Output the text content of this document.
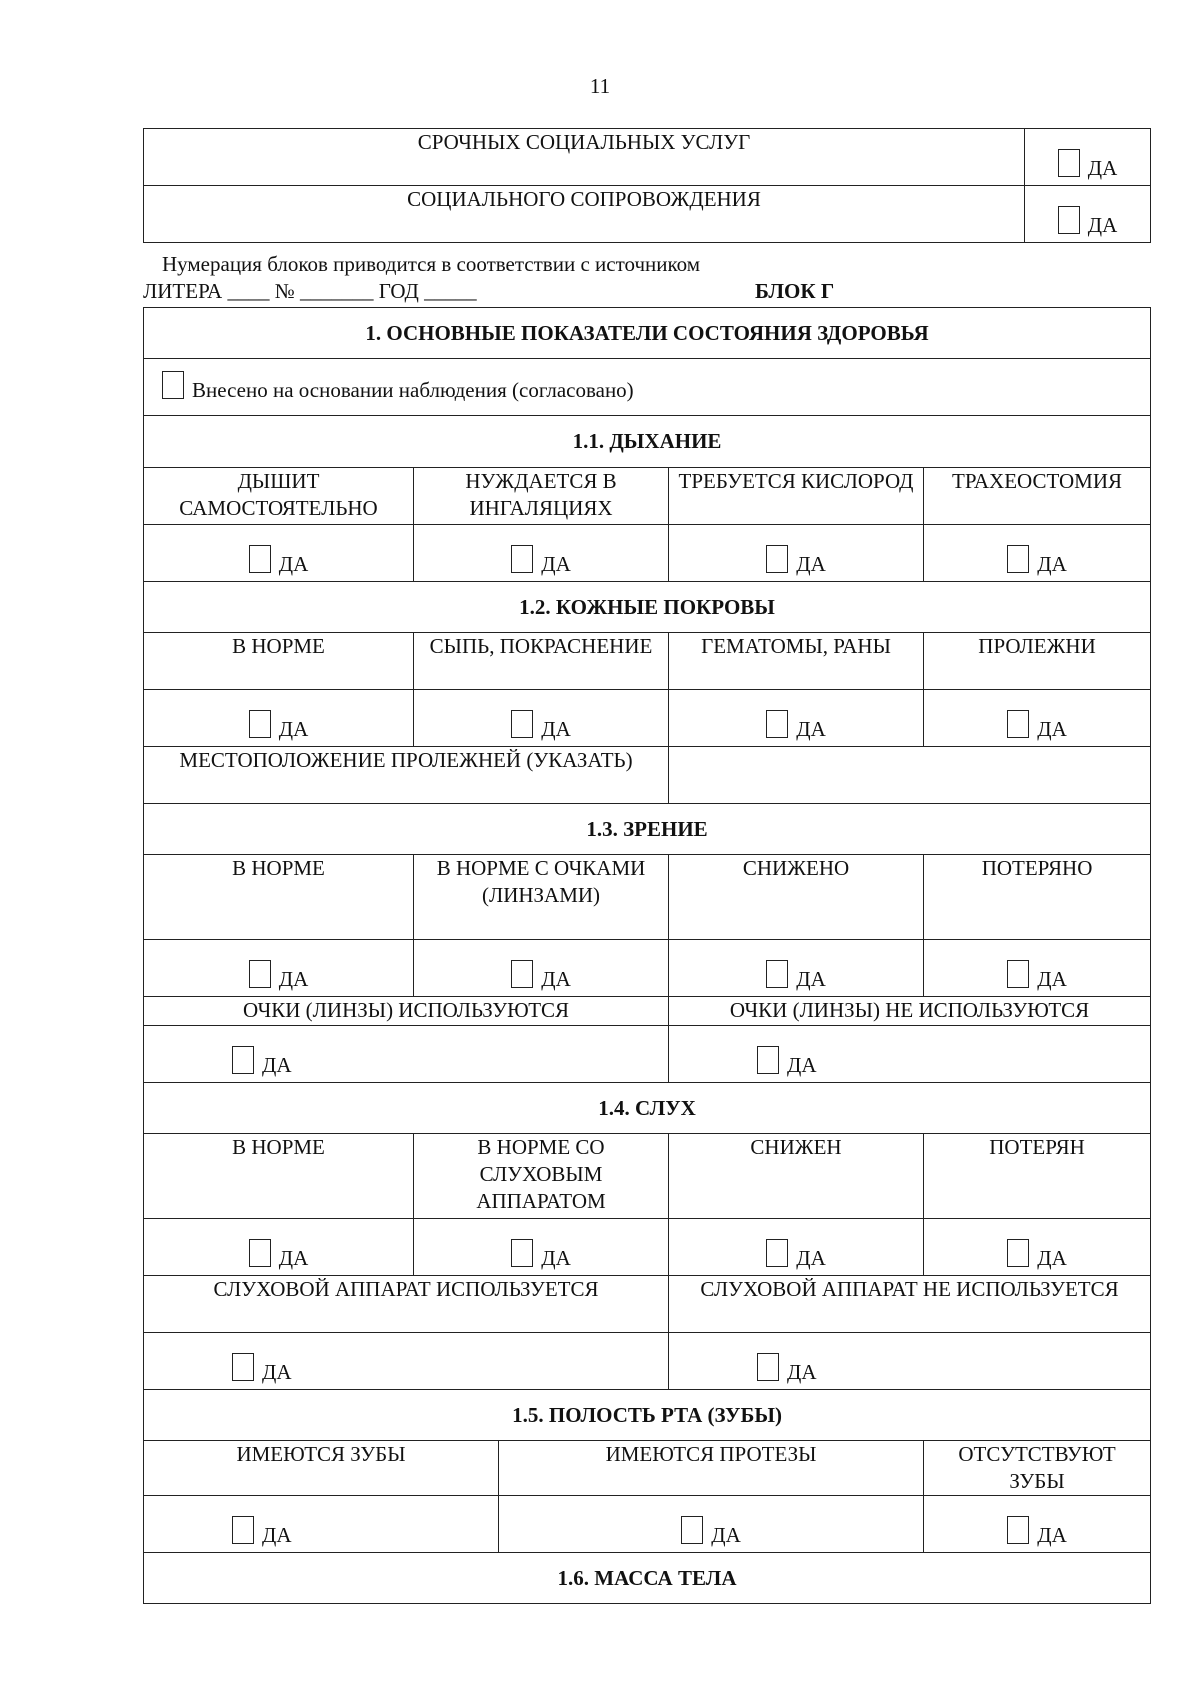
11
СРОЧНЫХ СОЦИАЛЬНЫХ УСЛУГ	ДА
СОЦИАЛЬНОГО СОПРОВОЖДЕНИЯ	ДА
Нумерация блоков приводится в соответствии с источником
ЛИТЕРА ____ № _______ ГОД _____	БЛОК Г
1. ОСНОВНЫЕ ПОКАЗАТЕЛИ СОСТОЯНИЯ ЗДОРОВЬЯ				
Внесено на основании наблюдения (согласовано)				
1.1. ДЫХАНИЕ				
ДЫШИТ САМОСТОЯТЕЛЬНО	НУЖДАЕТСЯ В ИНГАЛЯЦИЯХ		ТРЕБУЕТСЯ КИСЛОРОД	ТРАХЕОСТОМИЯ
ДА	ДА		ДА	ДА
1.2. КОЖНЫЕ ПОКРОВЫ				
В НОРМЕ	СЫПЬ, ПОКРАСНЕНИЕ		ГЕМАТОМЫ, РАНЫ	ПРОЛЕЖНИ
ДА	ДА		ДА	ДА
МЕСТОПОЛОЖЕНИЕ ПРОЛЕЖНЕЙ (УКАЗАТЬ)				
1.3. ЗРЕНИЕ				
В НОРМЕ	В НОРМЕ С ОЧКАМИ (ЛИНЗАМИ)		СНИЖЕНО	ПОТЕРЯНО
ДА	ДА		ДА	ДА
ОЧКИ (ЛИНЗЫ) ИСПОЛЬЗУЮТСЯ			ОЧКИ (ЛИНЗЫ) НЕ ИСПОЛЬЗУЮТСЯ	
ДА			ДА	
1.4. СЛУХ				
В НОРМЕ	В НОРМЕ СО СЛУХОВЫМ АППАРАТОМ		СНИЖЕН	ПОТЕРЯН
ДА	ДА		ДА	ДА
СЛУХОВОЙ АППАРАТ ИСПОЛЬЗУЕТСЯ			СЛУХОВОЙ АППАРАТ НЕ ИСПОЛЬЗУЕТСЯ	
ДА			ДА	
1.5. ПОЛОСТЬ РТА (ЗУБЫ)				
ИМЕЮТСЯ ЗУБЫ		ИМЕЮТСЯ ПРОТЕЗЫ		ОТСУТСТВУЮТ ЗУБЫ
ДА		ДА		ДА
1.6. МАССА ТЕЛА				
